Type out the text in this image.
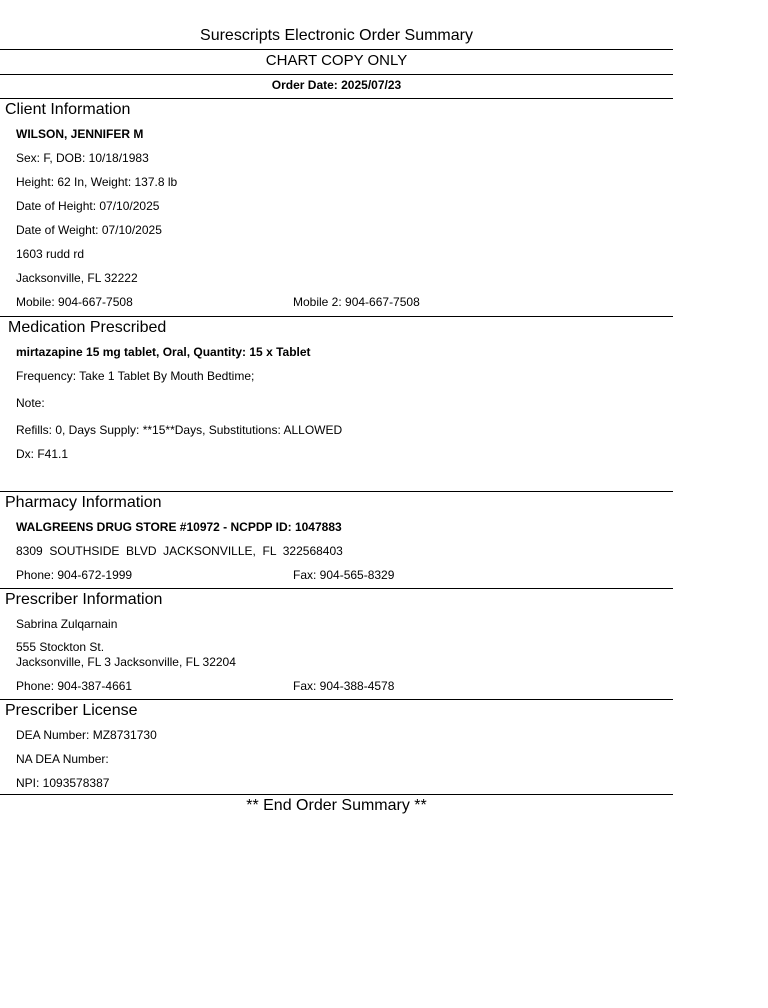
Surescripts Electronic Order Summary
CHART COPY ONLY
Order Date: 2025/07/23
Client Information
WILSON, JENNIFER M
Sex: F, DOB: 10/18/1983
Height: 62 In, Weight: 137.8 lb
Date of Height: 07/10/2025
Date of Weight: 07/10/2025
1603 rudd rd
Jacksonville, FL 32222
Mobile: 904-667-7508	Mobile 2: 904-667-7508
Medication Prescribed
mirtazapine 15 mg tablet, Oral, Quantity: 15 x Tablet
Frequency: Take 1 Tablet By Mouth Bedtime;
Note:
Refills: 0, Days Supply: **15**Days, Substitutions: ALLOWED
Dx: F41.1
Pharmacy Information
WALGREENS DRUG STORE #10972 - NCPDP ID: 1047883
8309  SOUTHSIDE  BLVD  JACKSONVILLE,  FL  322568403
Phone: 904-672-1999	Fax: 904-565-8329
Prescriber Information
Sabrina Zulqarnain
555 Stockton St.
Jacksonville, FL 3 Jacksonville, FL 32204
Phone: 904-387-4661	Fax: 904-388-4578
Prescriber License
DEA Number: MZ8731730
NA DEA Number:
NPI: 1093578387
** End Order Summary **
